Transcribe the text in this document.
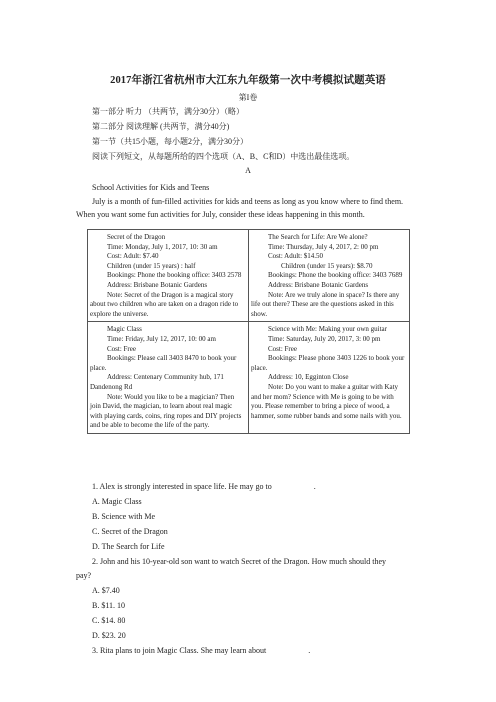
2017年浙江省杭州市大江东九年级第一次中考模拟试题英语
第I卷
第一部分 听力 （共两节，满分30分）（略）
第二部分 阅读理解 (共两节，满分40分)
第一节（共15小题，每小题2分，满分30分）
阅读下列短文，从每题所给的四个选项（A、B、C和D）中选出最佳选项。
A
School Activities for Kids and Teens
July is a month of fun-filled activities for kids and teens as long as you know where to find them. When you want some fun activities for July, consider these ideas happening in this month.

Secret of the Dragon

Time: Monday, July 1, 2017, 10: 30 am

Cost: Adult: $7.40

Children (under 15 years) : half

Bookings: Phone the booking office: 3403 2578

Address: Brisbane Botanic Gardens

Note: Secret of the Dragon is a magical story about two children who are taken on a dragon ride to explore the universe.

The Search for Life: Are We alone?

Time: Thursday, July 4, 2017, 2: 00 pm

Cost: Adult: $14.50

Children (under 15 years): $8.70

Bookings: Phone the booking office: 3403 7689

Address: Brisbane Botanic Gardens

Note: Are we truly alone in space? Is there any life out there? These are the questions asked in this show.

Magic Class

Time: Friday, July 12, 2017, 10: 00 am

Cost: Free

Bookings: Please call 3403 8470 to book your place.

Address: Centenary Community hub, 171 Dandenong Rd

Note: Would you like to be a magician? Then join David, the magician, to learn about real magic with playing cards, coins, ring ropes and DIY projects and be able to become the life of the party.

Science with Me: Making your own guitar

Time: Saturday, July 20, 2017, 3: 00 pm

Cost: Free

Bookings: Please phone 3403 1226 to book your place.

Address: 10, Egginton Close

Note: Do you want to make a guitar with Katy and her mom? Science with Me is going to be with you. Please remember to bring a piece of wood, a hammer, some rubber bands and some nails with you.

1. Alex is strongly interested in space life. He may go to	.
A. Magic Class
B. Science with Me
C. Secret of the Dragon
D. The Search for Life
2. John and his 10-year-old son want to watch Secret of the Dragon. How much should they
pay?
A. $7.40
B. $11. 10
C. $14. 80
D. $23. 20
3. Rita plans to join Magic Class. She may learn about	.
